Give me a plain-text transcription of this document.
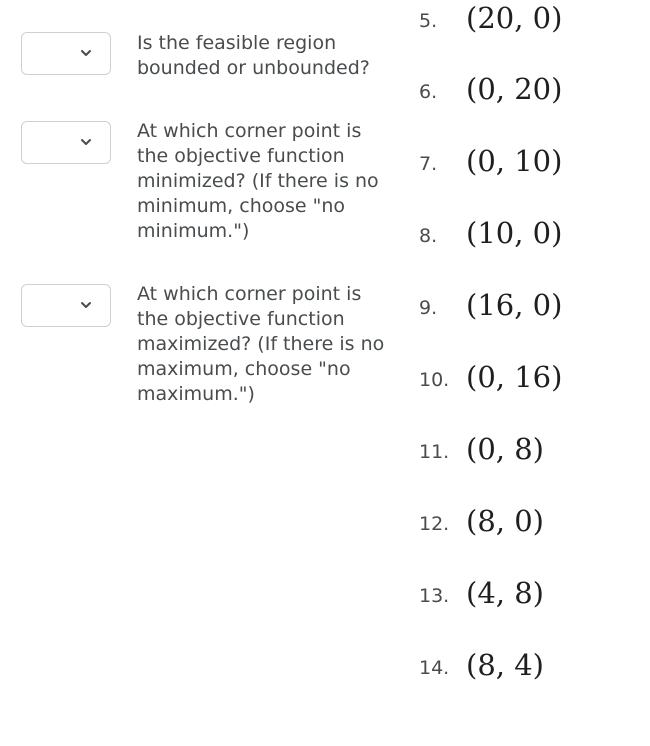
Is the feasible region bounded or unbounded?
At which corner point is the objective function minimized? (If there is no minimum, choose "no minimum.")
At which corner point is the objective function maximized? (If there is no maximum, choose "no maximum.")
5. (20, 0)
6. (0, 20)
7. (0, 10)
8. (10, 0)
9. (16, 0)
10. (0, 16)
11. (0, 8)
12. (8, 0)
13. (4, 8)
14. (8, 4)
